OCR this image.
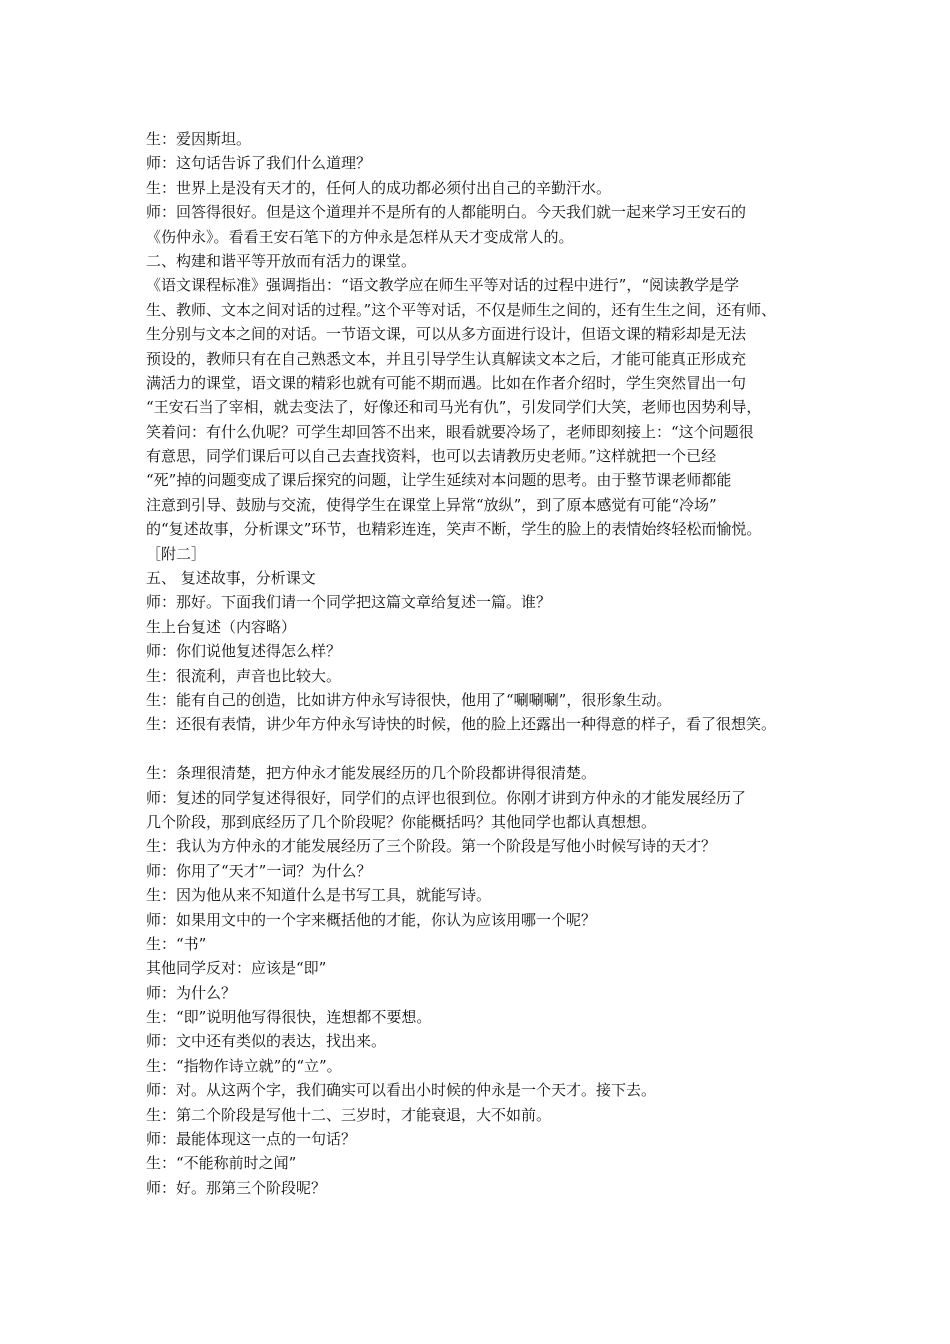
生：爱因斯坦。
师：这句话告诉了我们什么道理？
生：世界上是没有天才的，任何人的成功都必须付出自己的辛勤汗水。
师：回答得很好。但是这个道理并不是所有的人都能明白。今天我们就一起来学习王安石的
《伤仲永》。看看王安石笔下的方仲永是怎样从天才变成常人的。
二、构建和谐平等开放而有活力的课堂。
《语文课程标准》强调指出：“语文教学应在师生平等对话的过程中进行”，“阅读教学是学
生、教师、文本之间对话的过程。”这个平等对话，不仅是师生之间的，还有生生之间，还有师、
生分别与文本之间的对话。一节语文课，可以从多方面进行设计，但语文课的精彩却是无法
预设的，教师只有在自己熟悉文本，并且引导学生认真解读文本之后，才能可能真正形成充
满活力的课堂，语文课的精彩也就有可能不期而遇。比如在作者介绍时，学生突然冒出一句
“王安石当了宰相，就去变法了，好像还和司马光有仇”，引发同学们大笑，老师也因势利导，
笑着问：有什么仇呢？可学生却回答不出来，眼看就要冷场了，老师即刻接上：“这个问题很
有意思，同学们课后可以自己去查找资料，也可以去请教历史老师。”这样就把一个已经
“死”掉的问题变成了课后探究的问题，让学生延续对本问题的思考。由于整节课老师都能
注意到引导、鼓励与交流，使得学生在课堂上异常“放纵”，到了原本感觉有可能“冷场”
的“复述故事，分析课文”环节，也精彩连连，笑声不断，学生的脸上的表情始终轻松而愉悦。
［附二］
五、 复述故事，分析课文
师：那好。下面我们请一个同学把这篇文章给复述一篇。谁？
生上台复述（内容略）
师：你们说他复述得怎么样？
生：很流利，声音也比较大。
生：能有自己的创造，比如讲方仲永写诗很快，他用了“唰唰唰”，很形象生动。
生：还很有表情，讲少年方仲永写诗快的时候，他的脸上还露出一种得意的样子，看了很想笑。
生：条理很清楚，把方仲永才能发展经历的几个阶段都讲得很清楚。
师：复述的同学复述得很好，同学们的点评也很到位。你刚才讲到方仲永的才能发展经历了
几个阶段，那到底经历了几个阶段呢？你能概括吗？其他同学也都认真想想。
生：我认为方仲永的才能发展经历了三个阶段。第一个阶段是写他小时候写诗的天才？
师：你用了“天才”一词？为什么？
生：因为他从来不知道什么是书写工具，就能写诗。
师：如果用文中的一个字来概括他的才能，你认为应该用哪一个呢？
生：“书”
其他同学反对：应该是“即”
师：为什么？
生：“即”说明他写得很快，连想都不要想。
师：文中还有类似的表达，找出来。
生：“指物作诗立就”的“立”。
师：对。从这两个字，我们确实可以看出小时候的仲永是一个天才。接下去。
生：第二个阶段是写他十二、三岁时，才能衰退，大不如前。
师：最能体现这一点的一句话？
生：“不能称前时之闻”
师：好。那第三个阶段呢？
